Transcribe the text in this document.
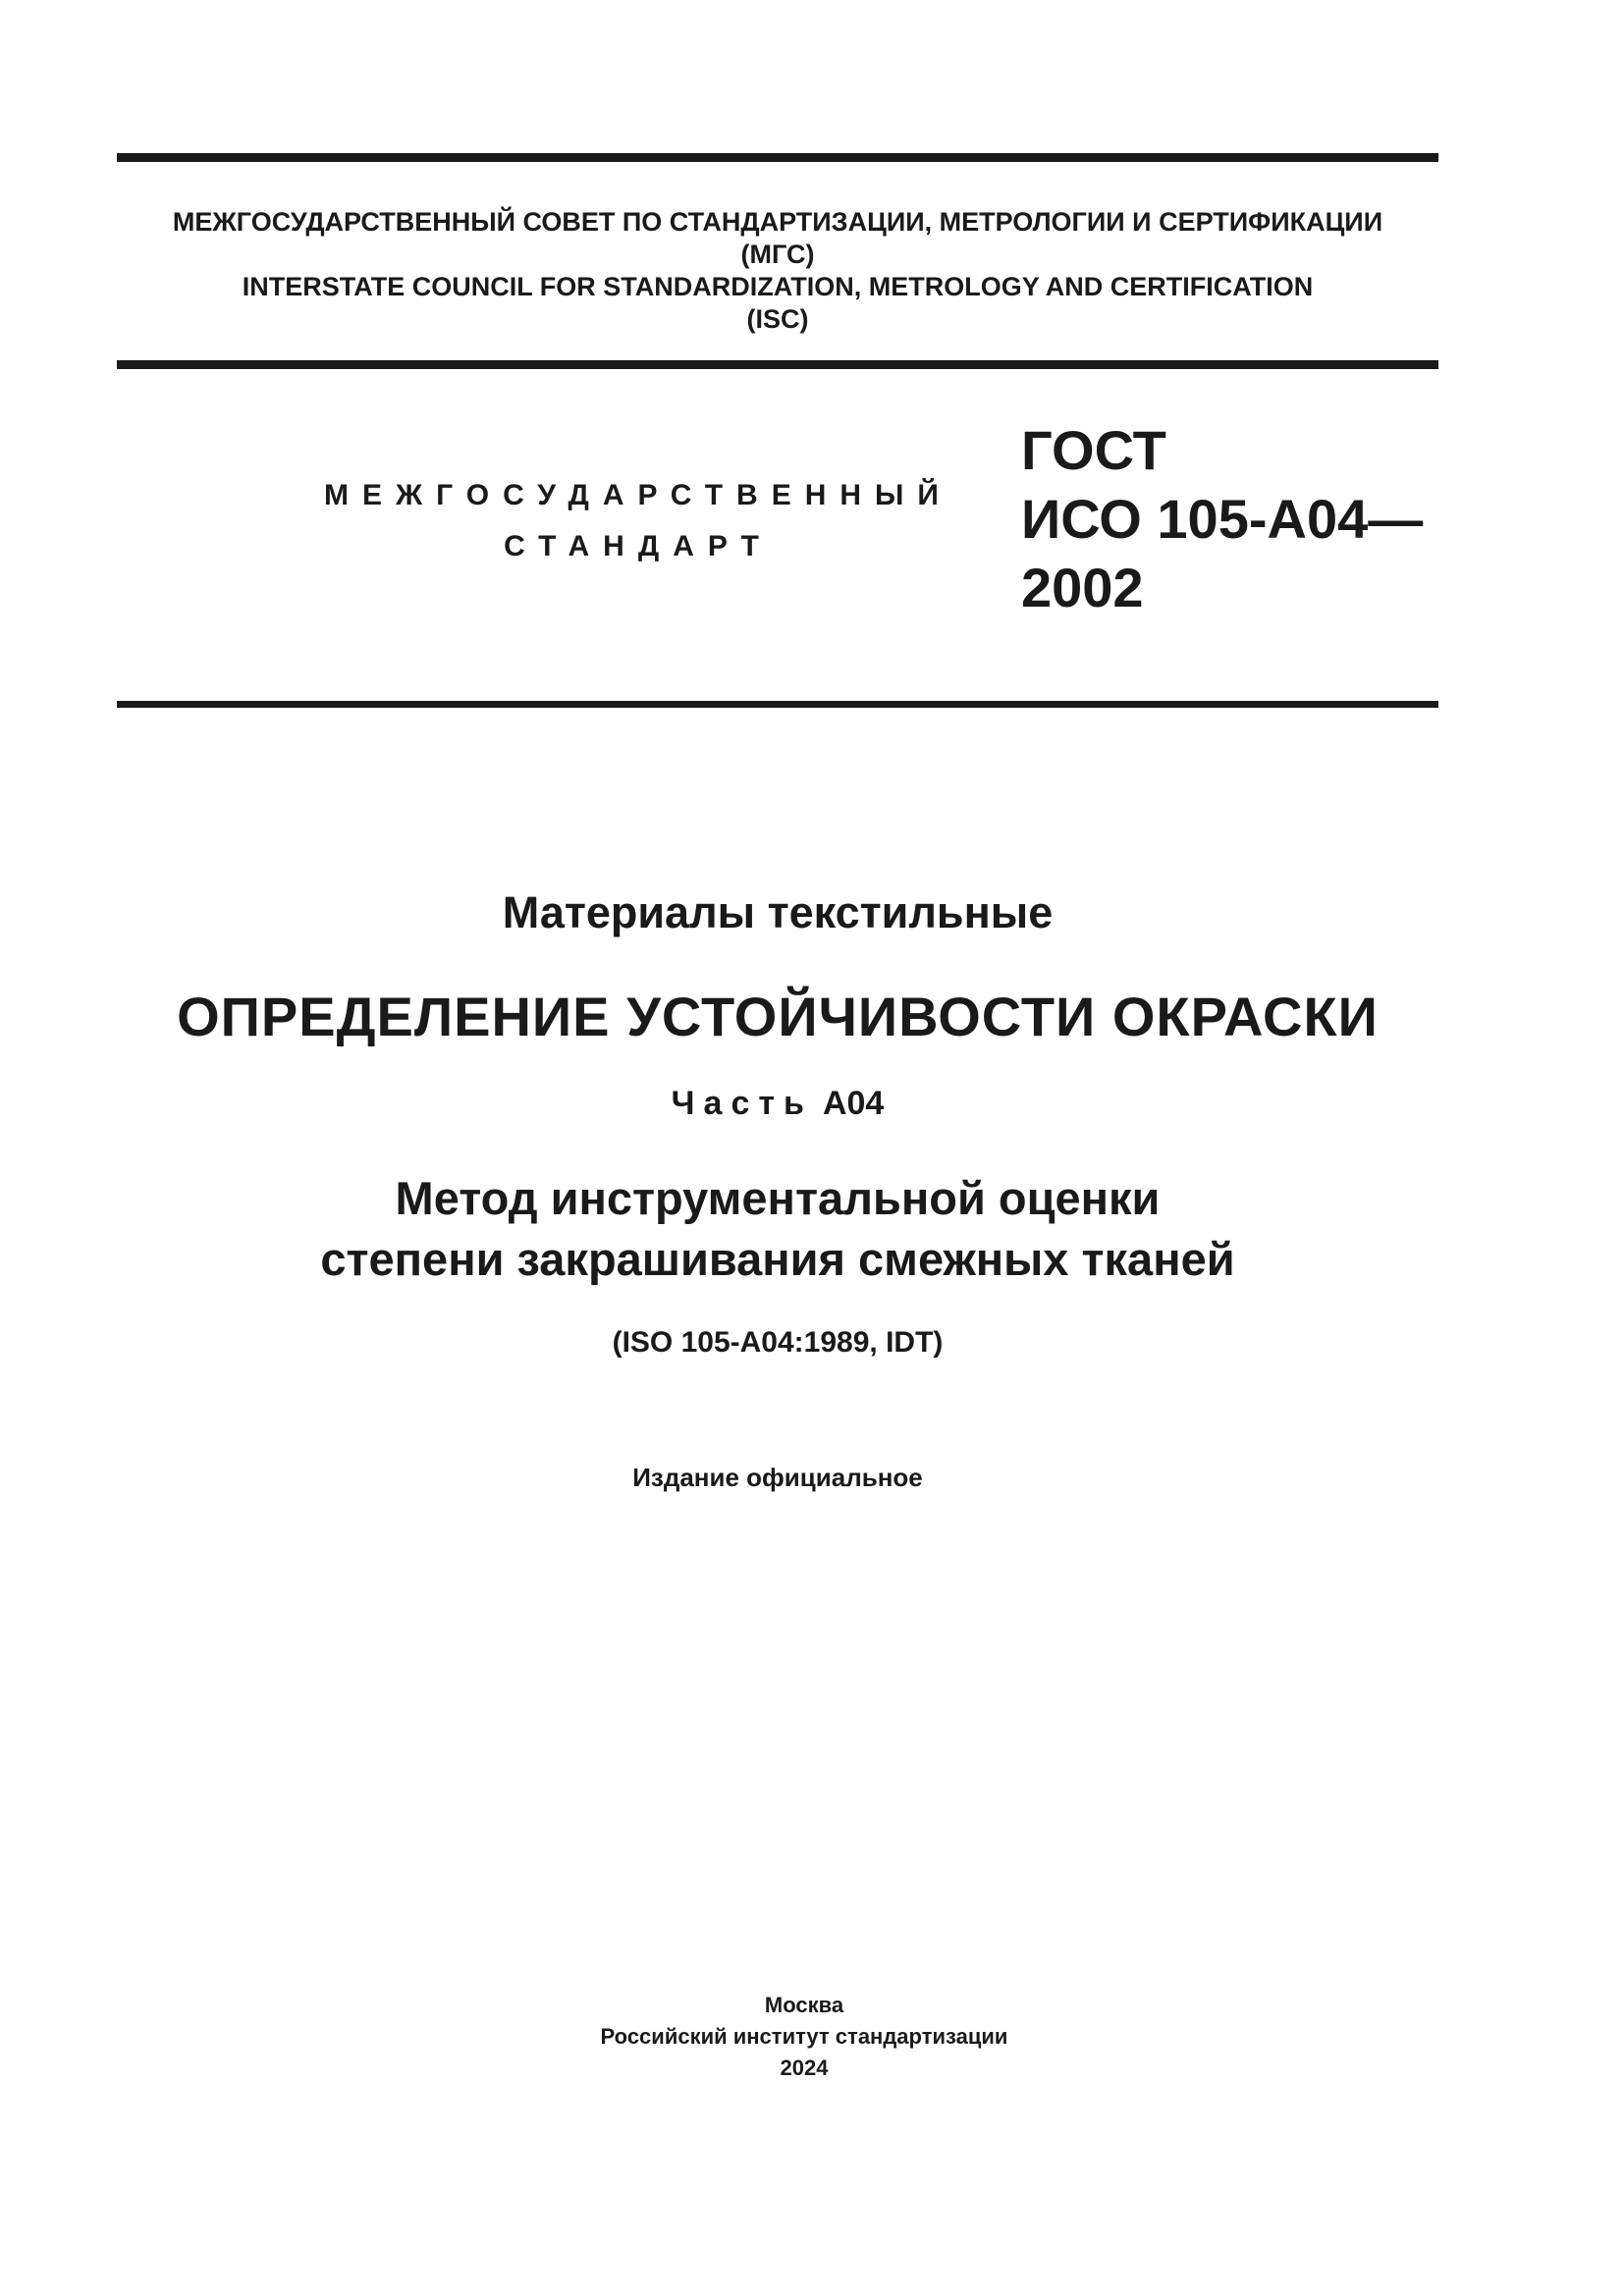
МЕЖГОСУДАРСТВЕННЫЙ СОВЕТ ПО СТАНДАРТИЗАЦИИ, МЕТРОЛОГИИ И СЕРТИФИКАЦИИ
(МГС)
INTERSTATE COUNCIL FOR STANDARDIZATION, METROLOGY AND CERTIFICATION
(ISC)
МЕЖГОСУДАРСТВЕННЫЙ
СТАНДАРТ
ГОСТ
ИСО 105-А04—
2002
Материалы текстильные
ОПРЕДЕЛЕНИЕ УСТОЙЧИВОСТИ ОКРАСКИ
Часть А04
Метод инструментальной оценки
степени закрашивания смежных тканей
(ISO 105-A04:1989, IDT)
Издание официальное
Москва
Российский институт стандартизации
2024
